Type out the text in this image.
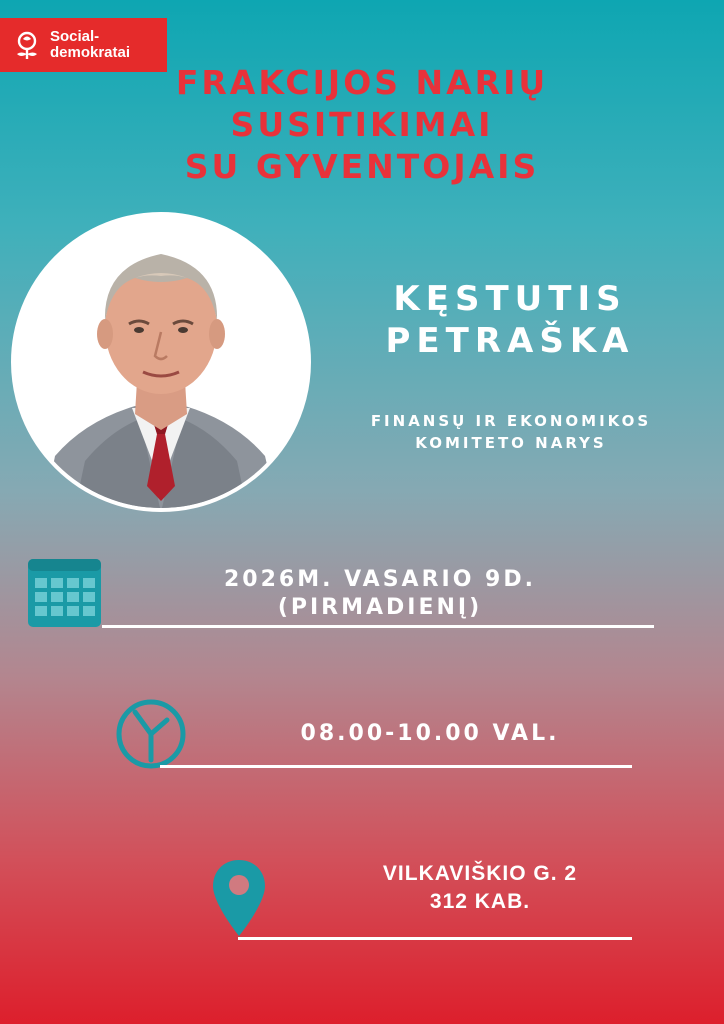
Social-
demokratai
FRAKCIJOS NARIŲ
SUSITIKIMAI
SU GYVENTOJAIS
KĘSTUTIS
PETRAŠKA
FINANSŲ IR EKONOMIKOS
KOMITETO NARYS
2026M. VASARIO 9D.
(PIRMADIENĮ)
08.00-10.00 VAL.
VILKAVIŠKIO G. 2
312 KAB.
